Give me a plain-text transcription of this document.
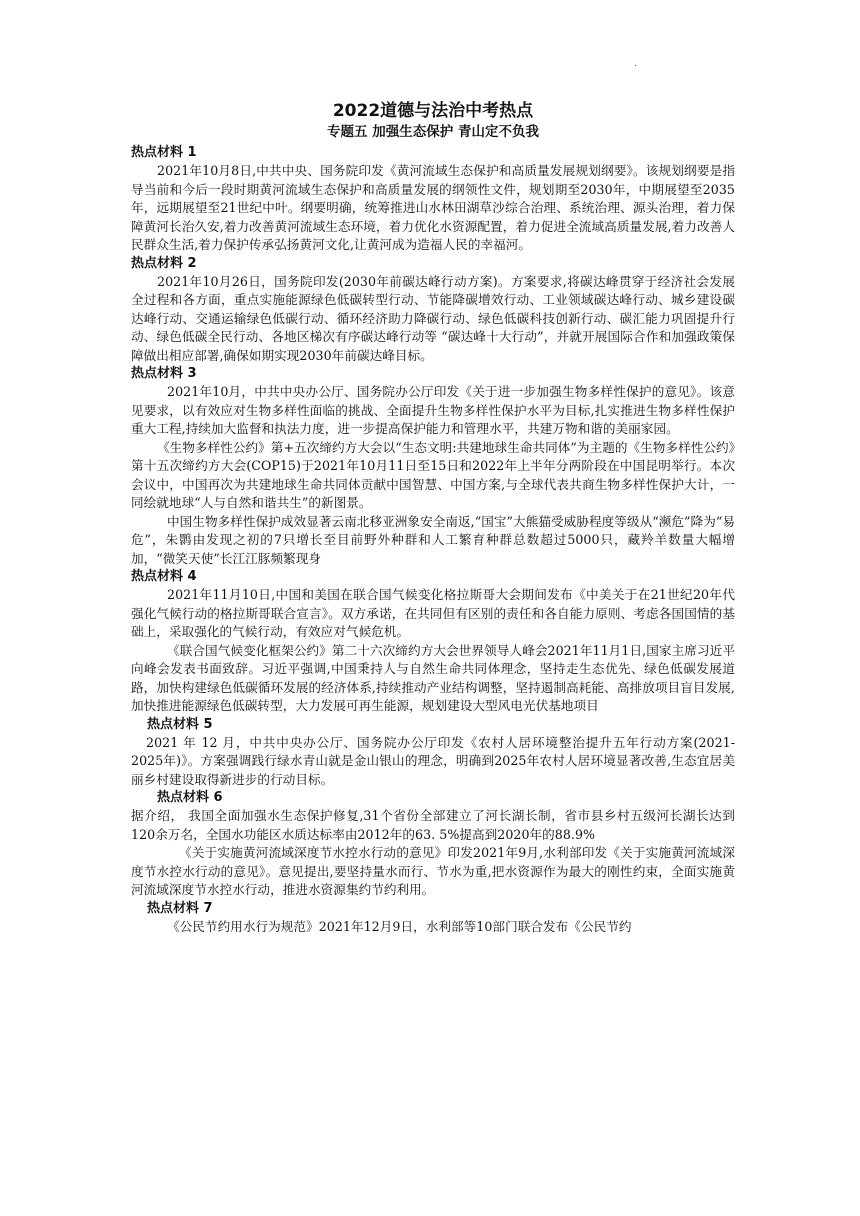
.
2022道德与法治中考热点
专题五 加强生态保护 青山定不负我

热点材料 1

2021年10月8日,中共中央、国务院印发《黄河流域生态保护和高质量发展规划纲要》。该规划纲要是指导当前和今后一段时期黄河流域生态保护和高质量发展的纲领性文件，规划期至2030年，中期展望至2035年，远期展望至21世纪中叶。纲要明确，统筹推进山水林田湖草沙综合治理、系统治理、源头治理，着力保障黄河长治久安,着力改善黄河流域生态环境，着力优化水资源配置，着力促进全流域高质量发展,着力改善人民群众生活,着力保护传承弘扬黄河文化,让黄河成为造福人民的幸福河。

热点材料 2

2021年10月26日，国务院印发(2030年前碳达峰行动方案)。方案要求,将碳达峰贯穿于经济社会发展全过程和各方面，重点实施能源绿色低碳转型行动、节能降碳增效行动、工业领域碳达峰行动、城乡建设碳达峰行动、交通运输绿色低碳行动、循环经济助力降碳行动、绿色低碳科技创新行动、碳汇能力巩固提升行动、绿色低碳全民行动、各地区梯次有序碳达峰行动等 “碳达峰十大行动”，并就开展国际合作和加强政策保障做出相应部署,确保如期实现2030年前碳达峰目标。

热点材料 3

2021年10月，中共中央办公厅、国务院办公厅印发《关于进一步加强生物多样性保护的意见》。该意见要求，以有效应对生物多样性面临的挑战、全面提升生物多样性保护水平为目标,扎实推进生物多样性保护重大工程,持续加大监督和执法力度，进一步提高保护能力和管理水平，共建万物和谐的美丽家园。

《生物多样性公约》第+五次缔约方大会以“生态文明:共建地球生命共同体”为主题的《生物多样性公约》第十五次缔约方大会(COP15)于2021年10月11日至15日和2022年上半年分两阶段在中国昆明举行。本次会议中，中国再次为共建地球生命共同体贡献中国智慧、中国方案,与全球代表共商生物多样性保护大计，一同绘就地球“人与自然和谐共生”的新图景。

中国生物多样性保护成效显著云南北移亚洲象安全南返,“国宝”大熊猫受威胁程度等级从“濒危”降为“易危”，朱鹮由发现之初的7只增长至目前野外种群和人工繁育种群总数超过5000只，藏羚羊数量大幅增加，“微笑天使”长江江豚频繁现身

热点材料 4

2021年11月10日,中国和美国在联合国气候变化格拉斯哥大会期间发布《中美关于在21世纪20年代强化气候行动的格拉斯哥联合宣言》。双方承诺，在共同但有区别的责任和各自能力原则、考虑各国国情的基础上，采取强化的气候行动，有效应对气候危机。

《联合国气候变化框架公约》第二十六次缔约方大会世界领导人峰会2021年11月1日,国家主席习近平向峰会发表书面致辞。习近平强调,中国秉持人与自然生命共同体理念，坚持走生态优先、绿色低碳发展道路，加快构建绿色低碳循环发展的经济体系,持续推动产业结构调整，坚持遏制高耗能、高排放项目盲目发展,加快推进能源绿色低碳转型，大力发展可再生能源，规划建设大型风电光伏基地项目

热点材料 5

2021 年 12 月，中共中央办公厅、国务院办公厅印发《农村人居环境整治提升五年行动方案(2021-2025年)》。方案强调践行绿水青山就是金山银山的理念，明确到2025年农村人居环境显著改善,生态宜居美丽乡村建设取得新进步的行动目标。

热点材料 6

据介绍， 我国全面加强水生态保护修复,31个省份全部建立了河长湖长制，省市县乡村五级河长湖长达到120余万名，全国水功能区水质达标率由2012年的63. 5%提高到2020年的88.9%

《关于实施黄河流域深度节水控水行动的意见》印发2021年9月,水利部印发《关于实施黄河流域深度节水控水行动的意见》。意见提出,要坚持量水而行、节水为重,把水资源作为最大的刚性约束，全面实施黄河流域深度节水控水行动，推进水资源集约节约利用。

热点材料 7

《公民节约用水行为规范》2021年12月9日，水利部等10部门联合发布《公民节约
